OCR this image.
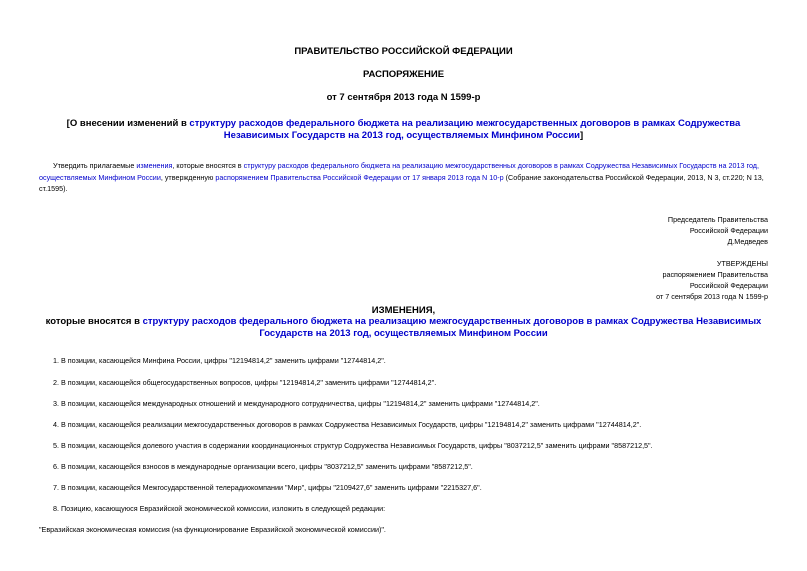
ПРАВИТЕЛЬСТВО РОССИЙСКОЙ ФЕДЕРАЦИИ
РАСПОРЯЖЕНИЕ
от 7 сентября 2013 года N 1599-р
[О внесении изменений в структуру расходов федерального бюджета на реализацию межгосударственных договоров в рамках Содружества Независимых Государств на 2013 год, осуществляемых Минфином России]
Утвердить прилагаемые изменения, которые вносятся в структуру расходов федерального бюджета на реализацию межгосударственных договоров в рамках Содружества Независимых Государств на 2013 год, осуществляемых Минфином России, утвержденную распоряжением Правительства Российской Федерации от 17 января 2013 года N 10-р (Собрание законодательства Российской Федерации, 2013, N 3, ст.220; N 13, ст.1595).
Председатель Правительства
Российской Федерации
Д.Медведев
УТВЕРЖДЕНЫ
распоряжением Правительства
Российской Федерации
от 7 сентября 2013 года N 1599-р
ИЗМЕНЕНИЯ,
которые вносятся в структуру расходов федерального бюджета на реализацию межгосударственных договоров в рамках Содружества Независимых Государств на 2013 год, осуществляемых Минфином России
1. В позиции, касающейся Минфина России, цифры "12194814,2" заменить цифрами "12744814,2".
2. В позиции, касающейся общегосударственных вопросов, цифры "12194814,2" заменить цифрами "12744814,2".
3. В позиции, касающейся международных отношений и международного сотрудничества, цифры "12194814,2" заменить цифрами "12744814,2".
4. В позиции, касающейся реализации межгосударственных договоров в рамках Содружества Независимых Государств, цифры "12194814,2" заменить цифрами "12744814,2".
5. В позиции, касающейся долевого участия в содержании координационных структур Содружества Независимых Государств, цифры "8037212,5" заменить цифрами "8587212,5".
6. В позиции, касающейся взносов в международные организации всего, цифры "8037212,5" заменить цифрами "8587212,5".
7. В позиции, касающейся Межгосударственной телерадиокомпании "Мир", цифры "2109427,6" заменить цифрами "2215327,6".
8. Позицию, касающуюся Евразийской экономической комиссии, изложить в следующей редакции:
"Евразийская экономическая комиссия (на функционирование Евразийской экономической комиссии)".
